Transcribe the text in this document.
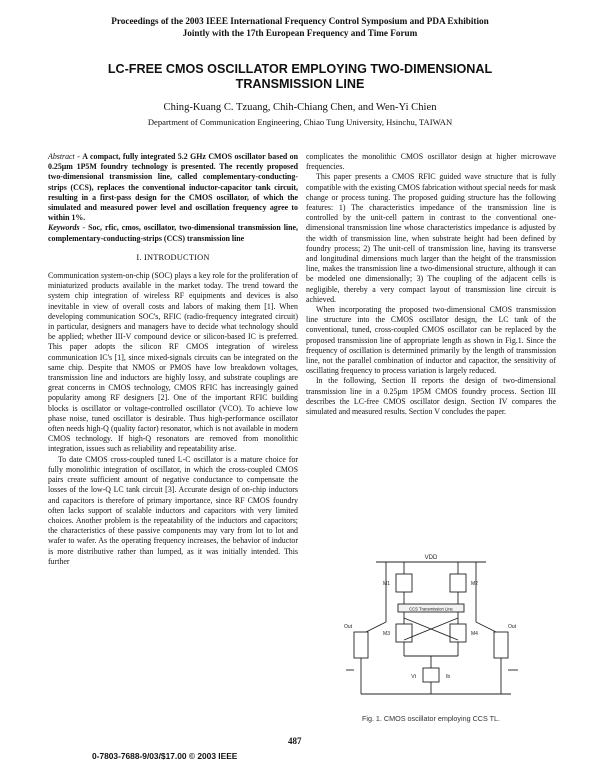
Proceedings of the 2003 IEEE International Frequency Control Symposium and PDA Exhibition
Jointly with the 17th European Frequency and Time Forum
LC-FREE CMOS OSCILLATOR EMPLOYING TWO-DIMENSIONAL
TRANSMISSION LINE
Ching-Kuang C. Tzuang, Chih-Chiang Chen, and Wen-Yi Chien
Department of Communication Engineering, Chiao Tung University, Hsinchu, TAIWAN

Abstract - A compact, fully integrated 5.2 GHz CMOS oscillator based on 0.25μm 1P5M foundry technology is presented. The recently proposed two-dimensional transmission line, called complementary-conducting-strips (CCS), replaces the conventional inductor-capacitor tank circuit, resulting in a first-pass design for the CMOS oscillator, of which the simulated and measured power level and oscillation frequency agree to within 1%.

Keywords - Soc, rfic, cmos, oscillator, two-dimensional transmission line, complementary-conducting-strips (CCS) transmission line

I. INTRODUCTION

Communication system-on-chip (SOC) plays a key role for the proliferation of miniaturized products available in the market today. The trend toward the system chip integration of wireless RF equipments and devices is also inevitable in view of overall costs and labors of making them [1]. When developing communication SOC's, RFIC (radio-frequency integrated circuit) in particular, designers and managers have to decide what technology should be applied; whether III-V compound device or silicon-based IC is preferred. This paper adopts the silicon RF CMOS integration of wireless communication IC's [1], since mixed-signals circuits can be integrated on the same chip. Despite that NMOS or PMOS have low breakdown voltages, transmission line and inductors are highly lossy, and substrate couplings are great concerns in CMOS technology, CMOS RFIC has increasingly gained popularity among RF designers [2]. One of the important RFIC building blocks is oscillator or voltage-controlled oscillator (VCO). To achieve low phase noise, tuned oscillator is desirable. Thus high-performance oscillator often needs high-Q (quality factor) resonator, which is not available in modern CMOS technology. If high-Q resonators are removed from monolithic integration, issues such as reliability and repeatability arise.

To date CMOS cross-coupled tuned L-C oscillator is a mature choice for fully monolithic integration of oscillator, in which the cross-coupled CMOS pairs create sufficient amount of negative conductance to compensate the losses of the low-Q LC tank circuit [3]. Accurate design of on-chip inductors and capacitors is therefore of primary importance, since RF CMOS foundry often lacks support of scalable inductors and capacitors with very limited choices. Another problem is the repeatability of the inductors and capacitors; the characteristics of these passive components may vary from lot to lot and wafer to wafer. As the operating frequency increases, the behavior of inductor is more distributive rather than lumped, as it was initially intended. This further

complicates the monolithic CMOS oscillator design at higher microwave frequencies.

This paper presents a CMOS RFIC guided wave structure that is fully compatible with the existing CMOS fabrication without special needs for mask change or process tuning. The proposed guiding structure has the following features: 1) The characteristics impedance of the transmission line is controlled by the unit-cell pattern in contrast to the conventional one-dimensional transmission line whose characteristics impedance is adjusted by the width of transmission line, when substrate height had been defined by foundry process; 2) The unit-cell of transmission line, having its transverse and longitudinal dimensions much larger than the height of the transmission line, makes the transmission line a two-dimensional structure, although it can be modeled one dimensionally; 3) The coupling of the adjacent cells is negligible, thereby a very compact layout of transmission line circuit is achieved.

When incorporating the proposed two-dimensional CMOS transmission line structure into the CMOS oscillator design, the LC tank of the conventional, tuned, cross-coupled CMOS oscillator can be replaced by the proposed transmission line of appropriate length as shown in Fig.1. Since the frequency of oscillation is determined primarily by the length of transmission line, not the parallel combination of inductor and capacitor, the sensitivity of oscillating frequency to process variation is largely reduced.

In the following, Section II reports the design of two-dimensional transmission line in a 0.25μm 1P5M CMOS foundry process. Section III describes the LC-free CMOS oscillator design. Section IV compares the simulated and measured results. Section V concludes the paper.

VDD
CCS Transmission Line
M1	M2
M3	M4
Vt	Ib
Out	Out
Fig. 1. CMOS oscillator employing CCS TL.
487
0-7803-7688-9/03/$17.00 © 2003 IEEE
